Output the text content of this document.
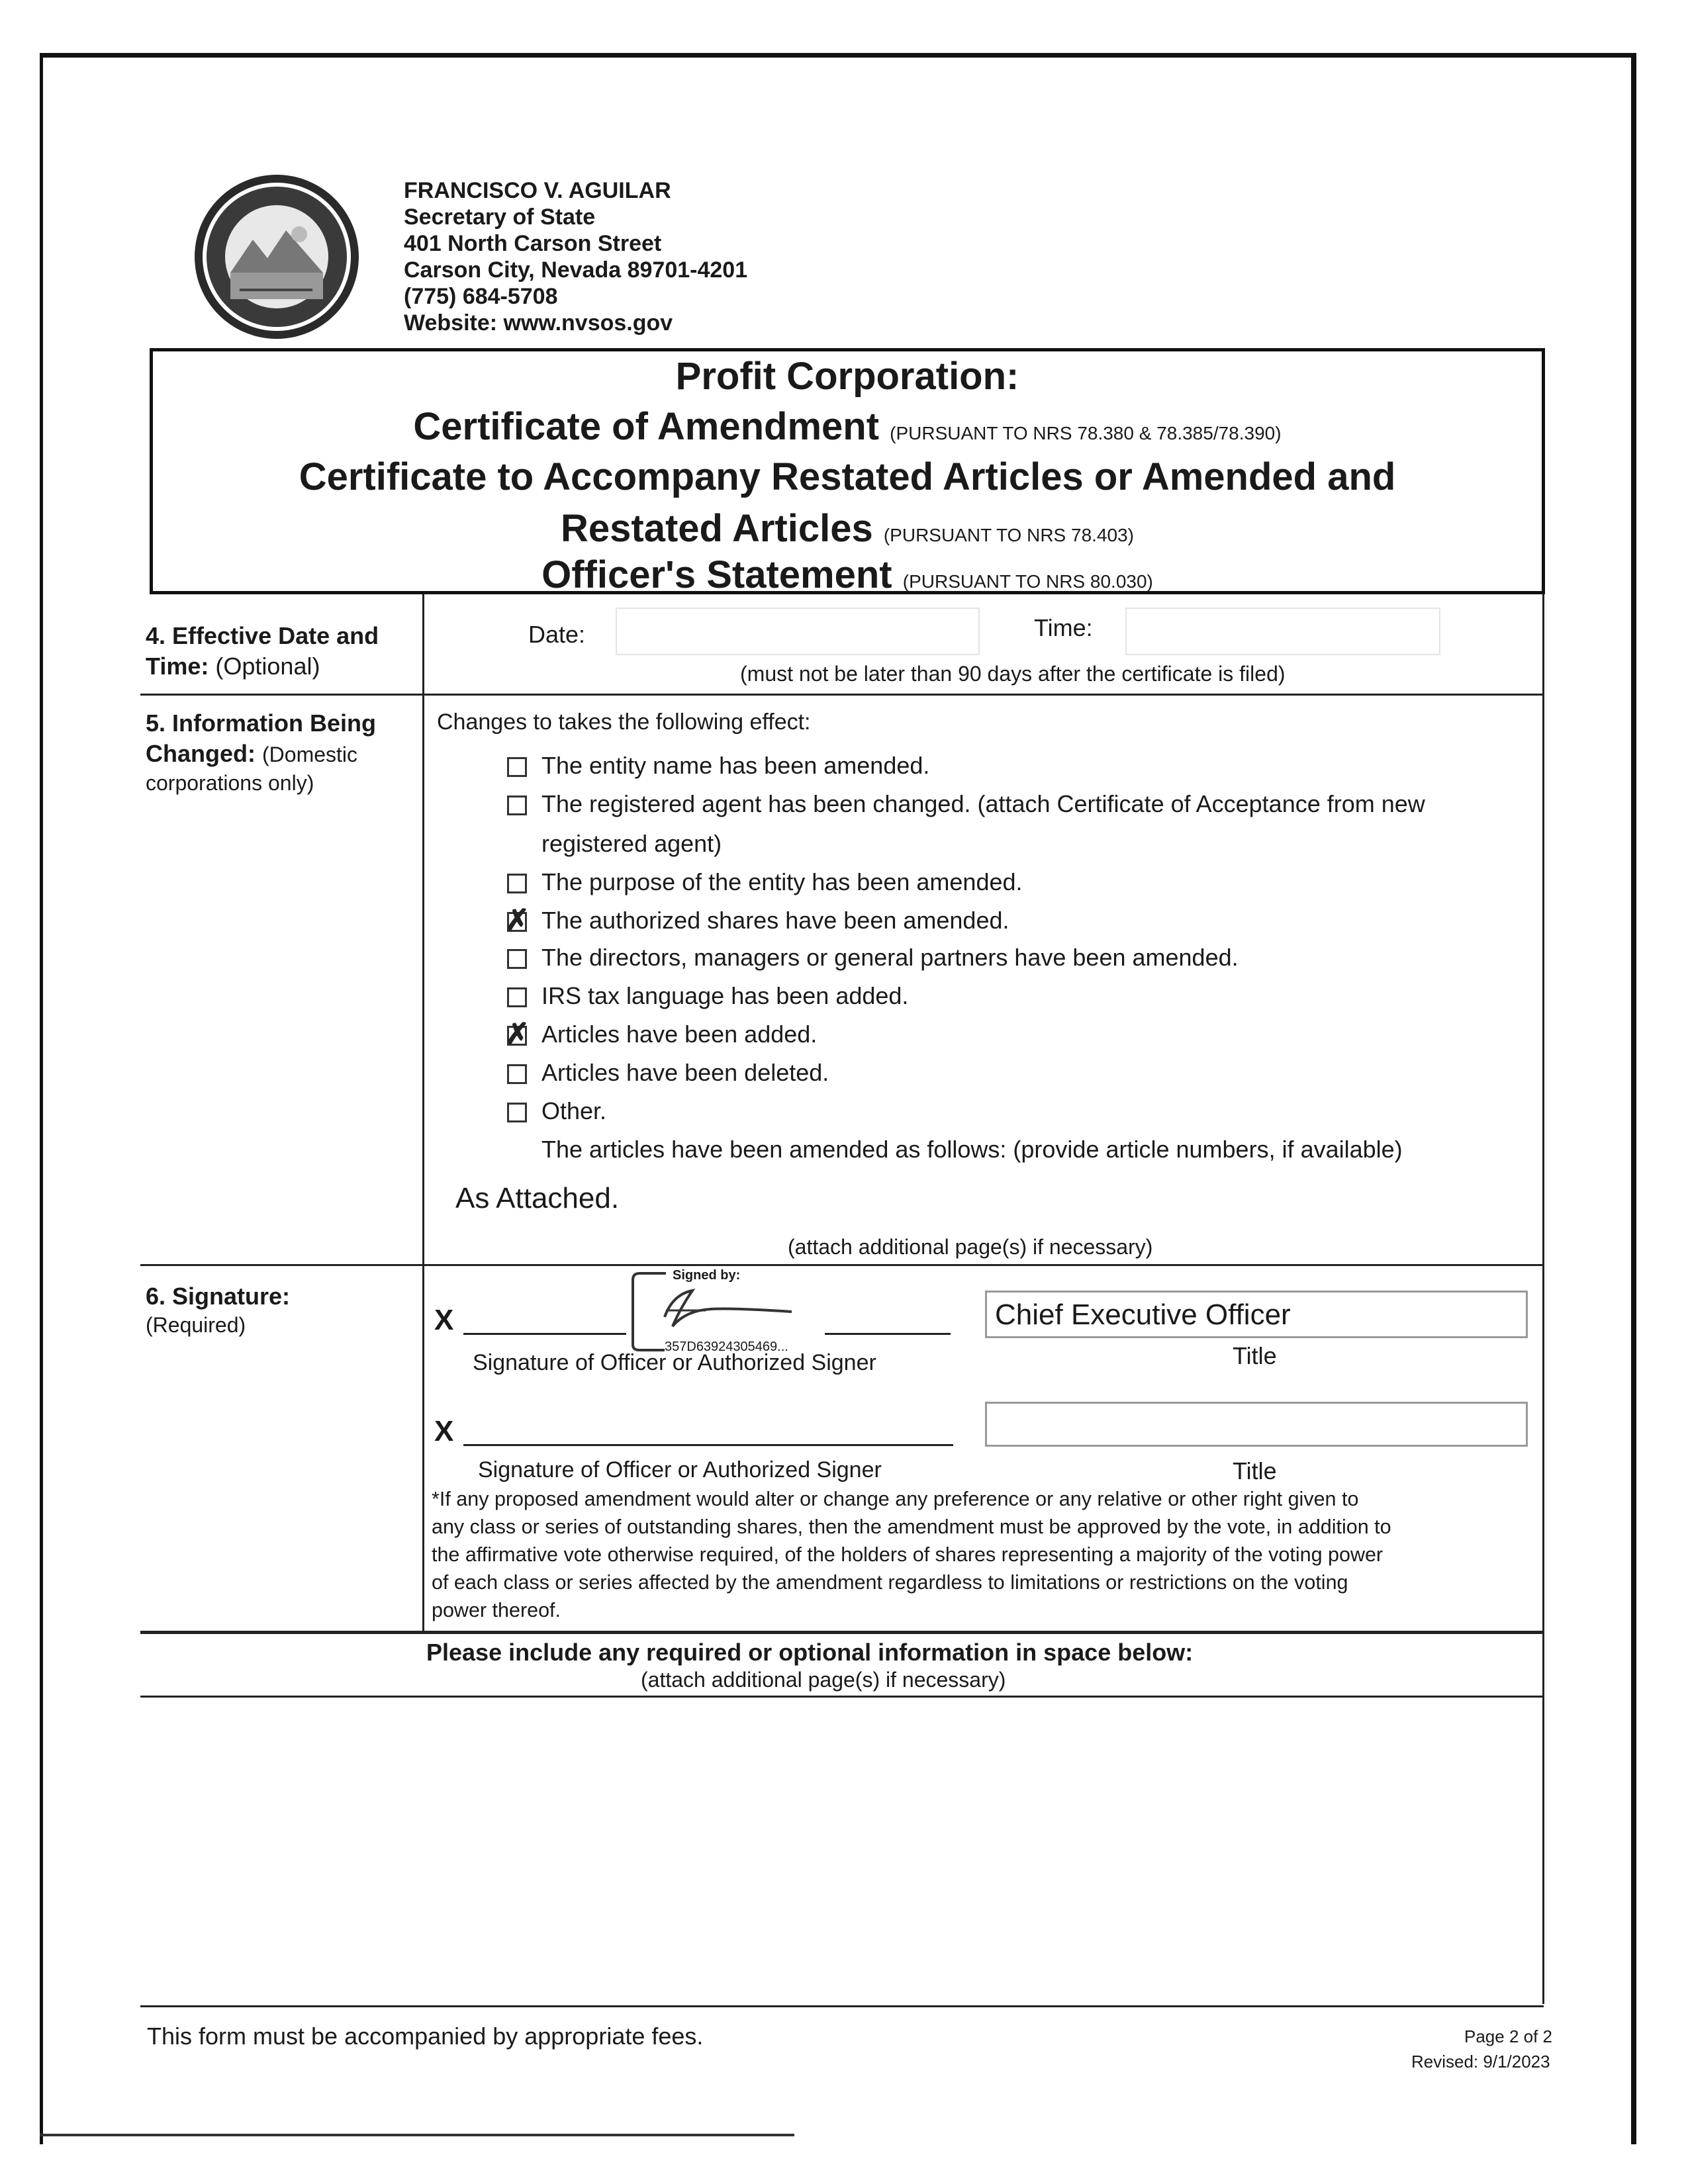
FRANCISCO V. AGUILAR
Secretary of State
401 North Carson Street
Carson City, Nevada 89701-4201
(775) 684-5708
Website: www.nvsos.gov
Profit Corporation:
Certificate of Amendment (PURSUANT TO NRS 78.380 & 78.385/78.390)
Certificate to Accompany Restated Articles or Amended and
Restated Articles (PURSUANT TO NRS 78.403)
Officer's Statement (PURSUANT TO NRS 80.030)
4. Effective Date and
Time: (Optional)
Date:	Time:
(must not be later than 90 days after the certificate is filed)
5. Information Being
Changed: (Domestic
corporations only)
Changes to takes the following effect:
The entity name has been amended.
The registered agent has been changed. (attach Certificate of Acceptance from new
registered agent)
The purpose of the entity has been amended.
✗ The authorized shares have been amended.
The directors, managers or general partners have been amended.
IRS tax language has been added.
✗ Articles have been added.
Articles have been deleted.
Other.
The articles have been amended as follows: (provide article numbers, if available)
As Attached.
(attach additional page(s) if necessary)
6. Signature:
(Required)	X
Signed by:
357D63924305469...
Signature of Officer or Authorized Signer
Chief Executive Officer
Title
X
Signature of Officer or Authorized Signer	Title
*If any proposed amendment would alter or change any preference or any relative or other right given to
any class or series of outstanding shares, then the amendment must be approved by the vote, in addition to
the affirmative vote otherwise required, of the holders of shares representing a majority of the voting power
of each class or series affected by the amendment regardless to limitations or restrictions on the voting
power thereof.
Please include any required or optional information in space below:
(attach additional page(s) if necessary)
This form must be accompanied by appropriate fees.	Page 2 of 2
Revised: 9/1/2023
